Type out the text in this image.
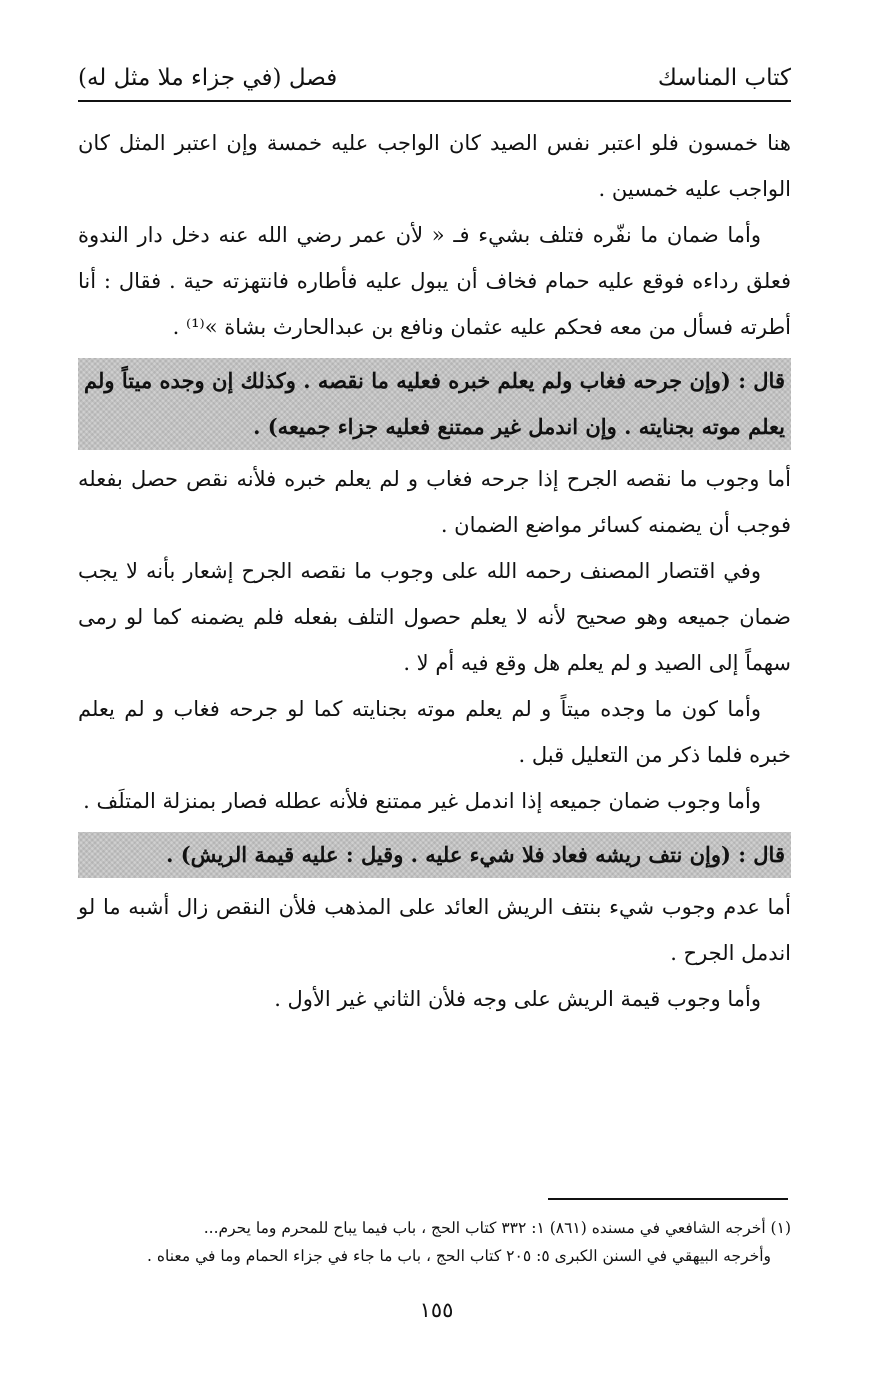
كتاب المناسك
فصل (في جزاء ملا مثل له)

هنا خمسون فلو اعتبر نفس الصيد كان الواجب عليه خمسة وإن اعتبر المثل كان الواجب عليه خمسين .

وأما ضمان ما نفّره فتلف بشيء فـ « لأن عمر رضي الله عنه دخل دار الندوة فعلق رداءه فوقع عليه حمام فخاف أن يبول عليه فأطاره فانتهزته حية . فقال : أنا أطرته فسأل من معه فحكم عليه عثمان ونافع بن عبدالحارث بشاة »⁽¹⁾ .

قال : (وإن جرحه فغاب ولم يعلم خبره فعليه ما نقصه . وكذلك إن وجده ميتاً ولم يعلم موته بجنايته . وإن اندمل غير ممتنع فعليه جزاء جميعه) .

أما وجوب ما نقصه الجرح إذا جرحه فغاب و لم يعلم خبره فلأنه نقص حصل بفعله فوجب أن يضمنه كسائر مواضع الضمان .

وفي اقتصار المصنف رحمه الله على وجوب ما نقصه الجرح إشعار بأنه لا يجب ضمان جميعه وهو صحيح لأنه لا يعلم حصول التلف بفعله فلم يضمنه كما لو رمى سهماً إلى الصيد و لم يعلم هل وقع فيه أم لا .

وأما كون ما وجده ميتاً و لم يعلم موته بجنايته كما لو جرحه فغاب و لم يعلم خبره فلما ذكر من التعليل قبل .

وأما وجوب ضمان جميعه إذا اندمل غير ممتنع فلأنه عطله فصار بمنزلة المتلَف .

قال : (وإن نتف ريشه فعاد فلا شيء عليه . وقيل : عليه قيمة الريش) .

أما عدم وجوب شيء بنتف الريش العائد على المذهب فلأن النقص زال أشبه ما لو اندمل الجرح .

وأما وجوب قيمة الريش على وجه فلأن الثاني غير الأول .

(١) أخرجه الشافعي في مسنده (٨٦١) ١: ٣٣٢ كتاب الحج ، باب فيما يباح للمحرم وما يحرم...

وأخرجه البيهقي في السنن الكبرى ٥: ٢٠٥ كتاب الحج ، باب ما جاء في جزاء الحمام وما في معناه .

١٥٥
